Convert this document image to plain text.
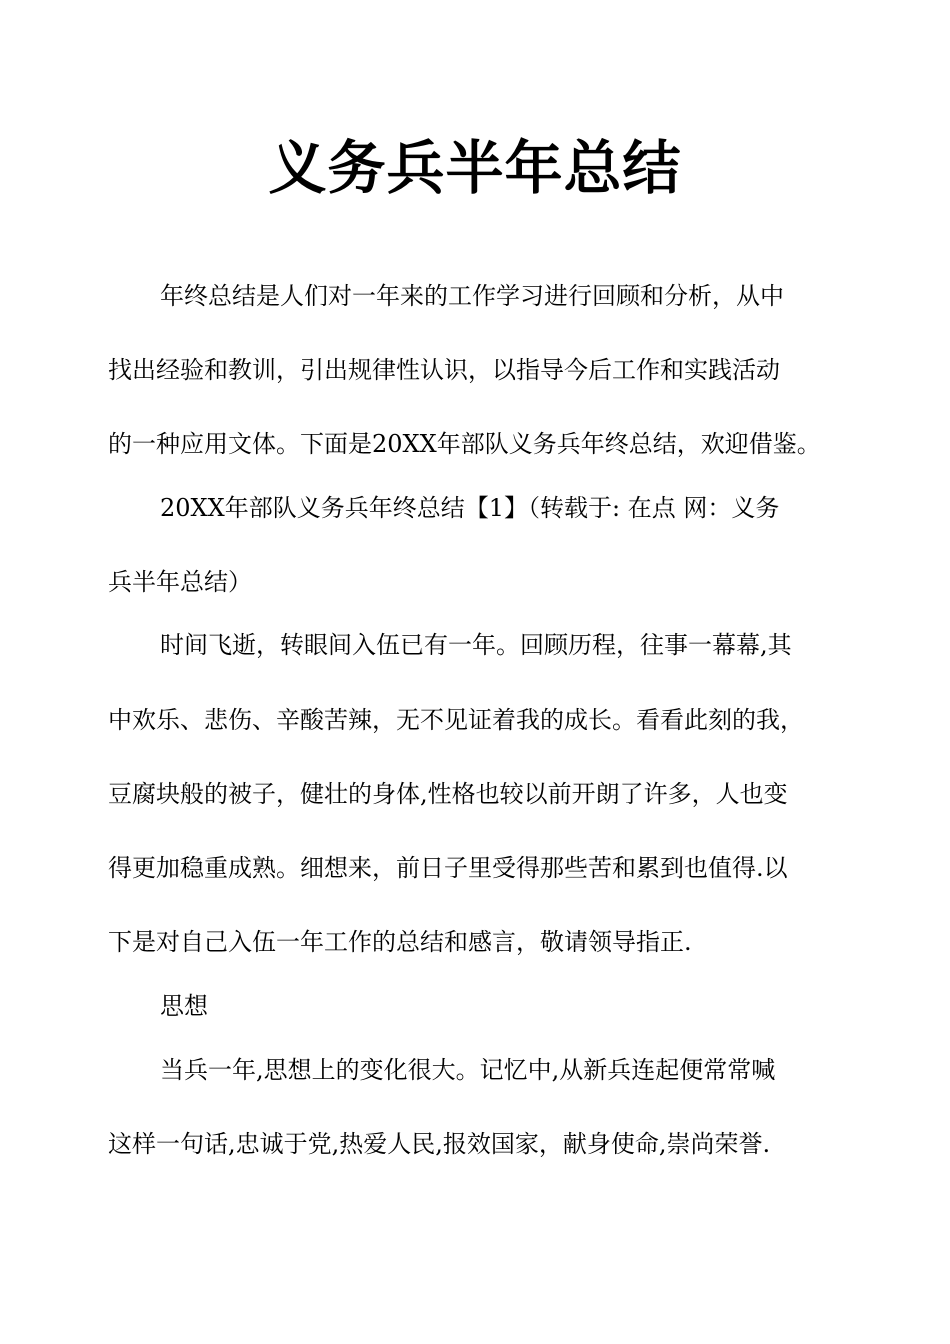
义务兵半年总结
年终总结是人们对一年来的工作学习进行回顾和分析，从中
找出经验和教训，引出规律性认识，以指导今后工作和实践活动
的一种应用文体。下面是20XX年部队义务兵年终总结，欢迎借鉴。
20XX年部队义务兵年终总结【1】（转载于: 在点 网：义务
兵半年总结）
时间飞逝，转眼间入伍已有一年。回顾历程，往事一幕幕,其
中欢乐、悲伤、辛酸苦辣，无不见证着我的成长。看看此刻的我，
豆腐块般的被子，健壮的身体,性格也较以前开朗了许多，人也变
得更加稳重成熟。细想来，前日子里受得那些苦和累到也值得.以
下是对自己入伍一年工作的总结和感言，敬请领导指正.
思想
当兵一年,思想上的变化很大。记忆中,从新兵连起便常常喊
这样一句话,忠诚于党,热爱人民,报效国家，献身使命,崇尚荣誉.
